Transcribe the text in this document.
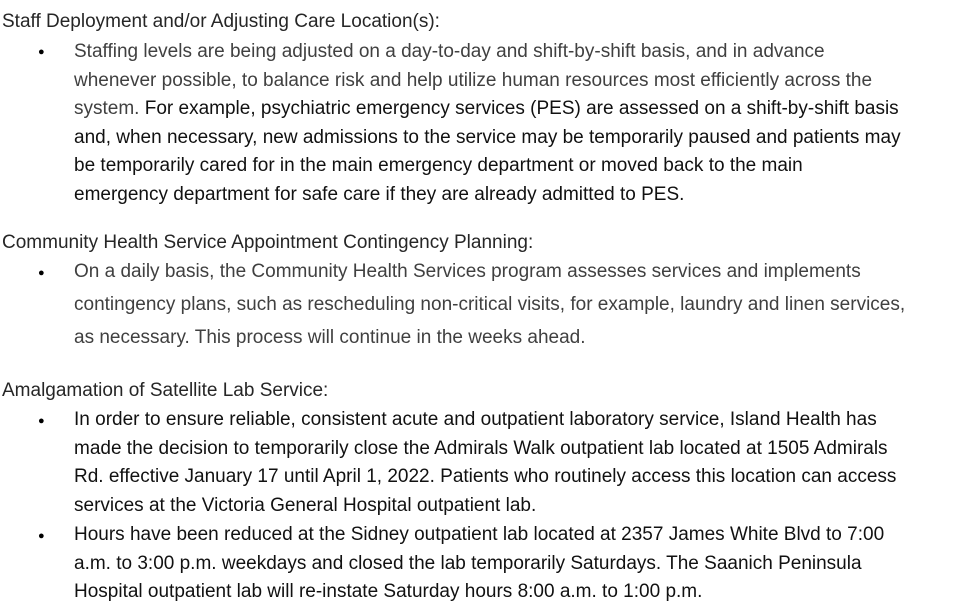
Staff Deployment and/or Adjusting Care Location(s):
● Staffing levels are being adjusted on a day-to-day and shift-by-shift basis, and in advance
whenever possible, to balance risk and help utilize human resources most efficiently across the
system. For example, psychiatric emergency services (PES) are assessed on a shift-by-shift basis
and, when necessary, new admissions to the service may be temporarily paused and patients may
be temporarily cared for in the main emergency department or moved back to the main
emergency department for safe care if they are already admitted to PES.
Community Health Service Appointment Contingency Planning:
● On a daily basis, the Community Health Services program assesses services and implements
contingency plans, such as rescheduling non-critical visits, for example, laundry and linen services,
as necessary. This process will continue in the weeks ahead.
Amalgamation of Satellite Lab Service:
● In order to ensure reliable, consistent acute and outpatient laboratory service, Island Health has
made the decision to temporarily close the Admirals Walk outpatient lab located at 1505 Admirals
Rd. effective January 17 until April 1, 2022. Patients who routinely access this location can access
services at the Victoria General Hospital outpatient lab.
● Hours have been reduced at the Sidney outpatient lab located at 2357 James White Blvd to 7:00
a.m. to 3:00 p.m. weekdays and closed the lab temporarily Saturdays. The Saanich Peninsula
Hospital outpatient lab will re-instate Saturday hours 8:00 a.m. to 1:00 p.m.
